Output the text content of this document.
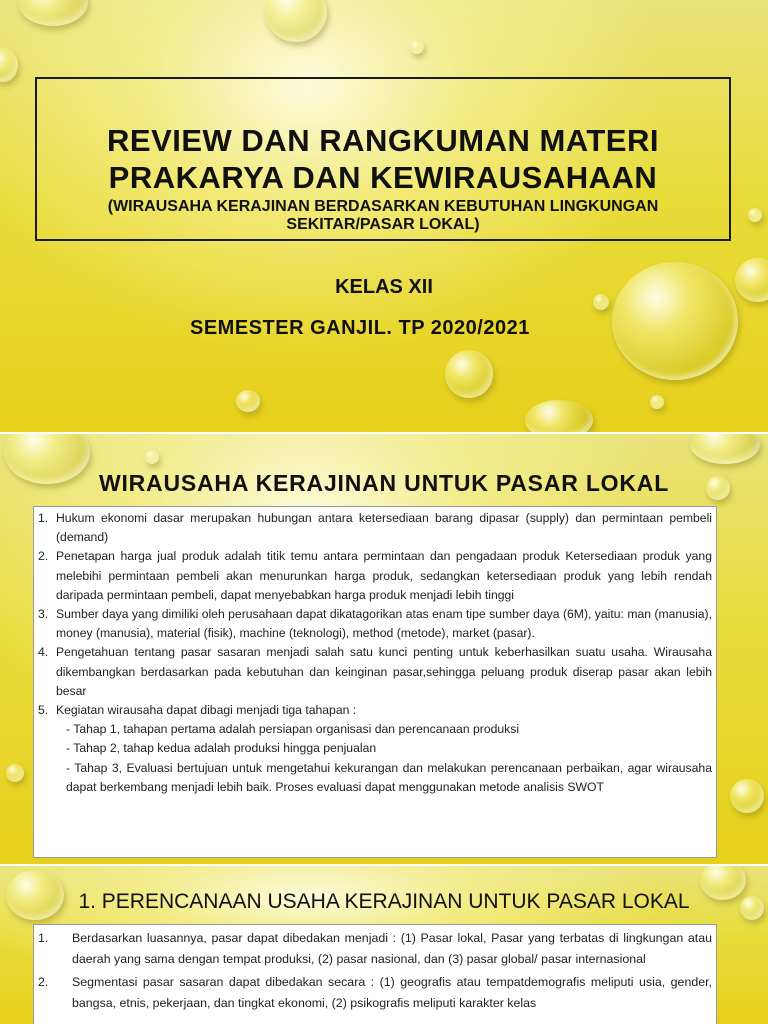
REVIEW DAN RANGKUMAN MATERI
PRAKARYA DAN KEWIRAUSAHAAN
(WIRAUSAHA KERAJINAN BERDASARKAN KEBUTUHAN LINGKUNGAN SEKITAR/PASAR LOKAL)
KELAS XII
SEMESTER GANJIL. TP 2020/2021
WIRAUSAHA KERAJINAN UNTUK PASAR LOKAL
1. Hukum ekonomi dasar merupakan hubungan antara ketersediaan barang dipasar (supply) dan permintaan pembeli (demand)
2. Penetapan harga jual produk adalah titik temu antara permintaan dan pengadaan produk Ketersediaan produk yang melebihi permintaan pembeli akan menurunkan harga produk, sedangkan ketersediaan produk yang lebih rendah daripada permintaan pembeli, dapat menyebabkan harga produk menjadi lebih tinggi
3. Sumber daya yang dimiliki oleh perusahaan dapat dikatagorikan atas enam tipe sumber daya (6M), yaitu: man (manusia), money (manusia), material (fisik), machine (teknologi), method (metode), market (pasar).
4. Pengetahuan tentang pasar sasaran menjadi salah satu kunci penting untuk keberhasilkan suatu usaha. Wirausaha dikembangkan berdasarkan pada kebutuhan dan keinginan pasar,sehingga peluang produk diserap pasar akan lebih besar
5. Kegiatan wirausaha dapat dibagi menjadi tiga tahapan :
- Tahap 1, tahapan pertama adalah persiapan organisasi dan perencanaan produksi
- Tahap 2, tahap kedua adalah produksi hingga penjualan
- Tahap 3, Evaluasi bertujuan untuk mengetahui kekurangan dan melakukan perencanaan perbaikan, agar wirausaha dapat berkembang menjadi lebih baik. Proses evaluasi dapat menggunakan metode analisis SWOT
1. PERENCANAAN USAHA KERAJINAN UNTUK PASAR LOKAL
1. Berdasarkan luasannya, pasar dapat dibedakan menjadi : (1) Pasar lokal, Pasar yang terbatas di lingkungan atau daerah yang sama dengan tempat produksi, (2) pasar nasional, dan (3) pasar global/ pasar internasional
2. Segmentasi pasar sasaran dapat dibedakan secara : (1) geografis atau tempatdemografis meliputi usia, gender, bangsa, etnis, pekerjaan, dan tingkat ekonomi, (2) psikografis meliputi karakter kelas
